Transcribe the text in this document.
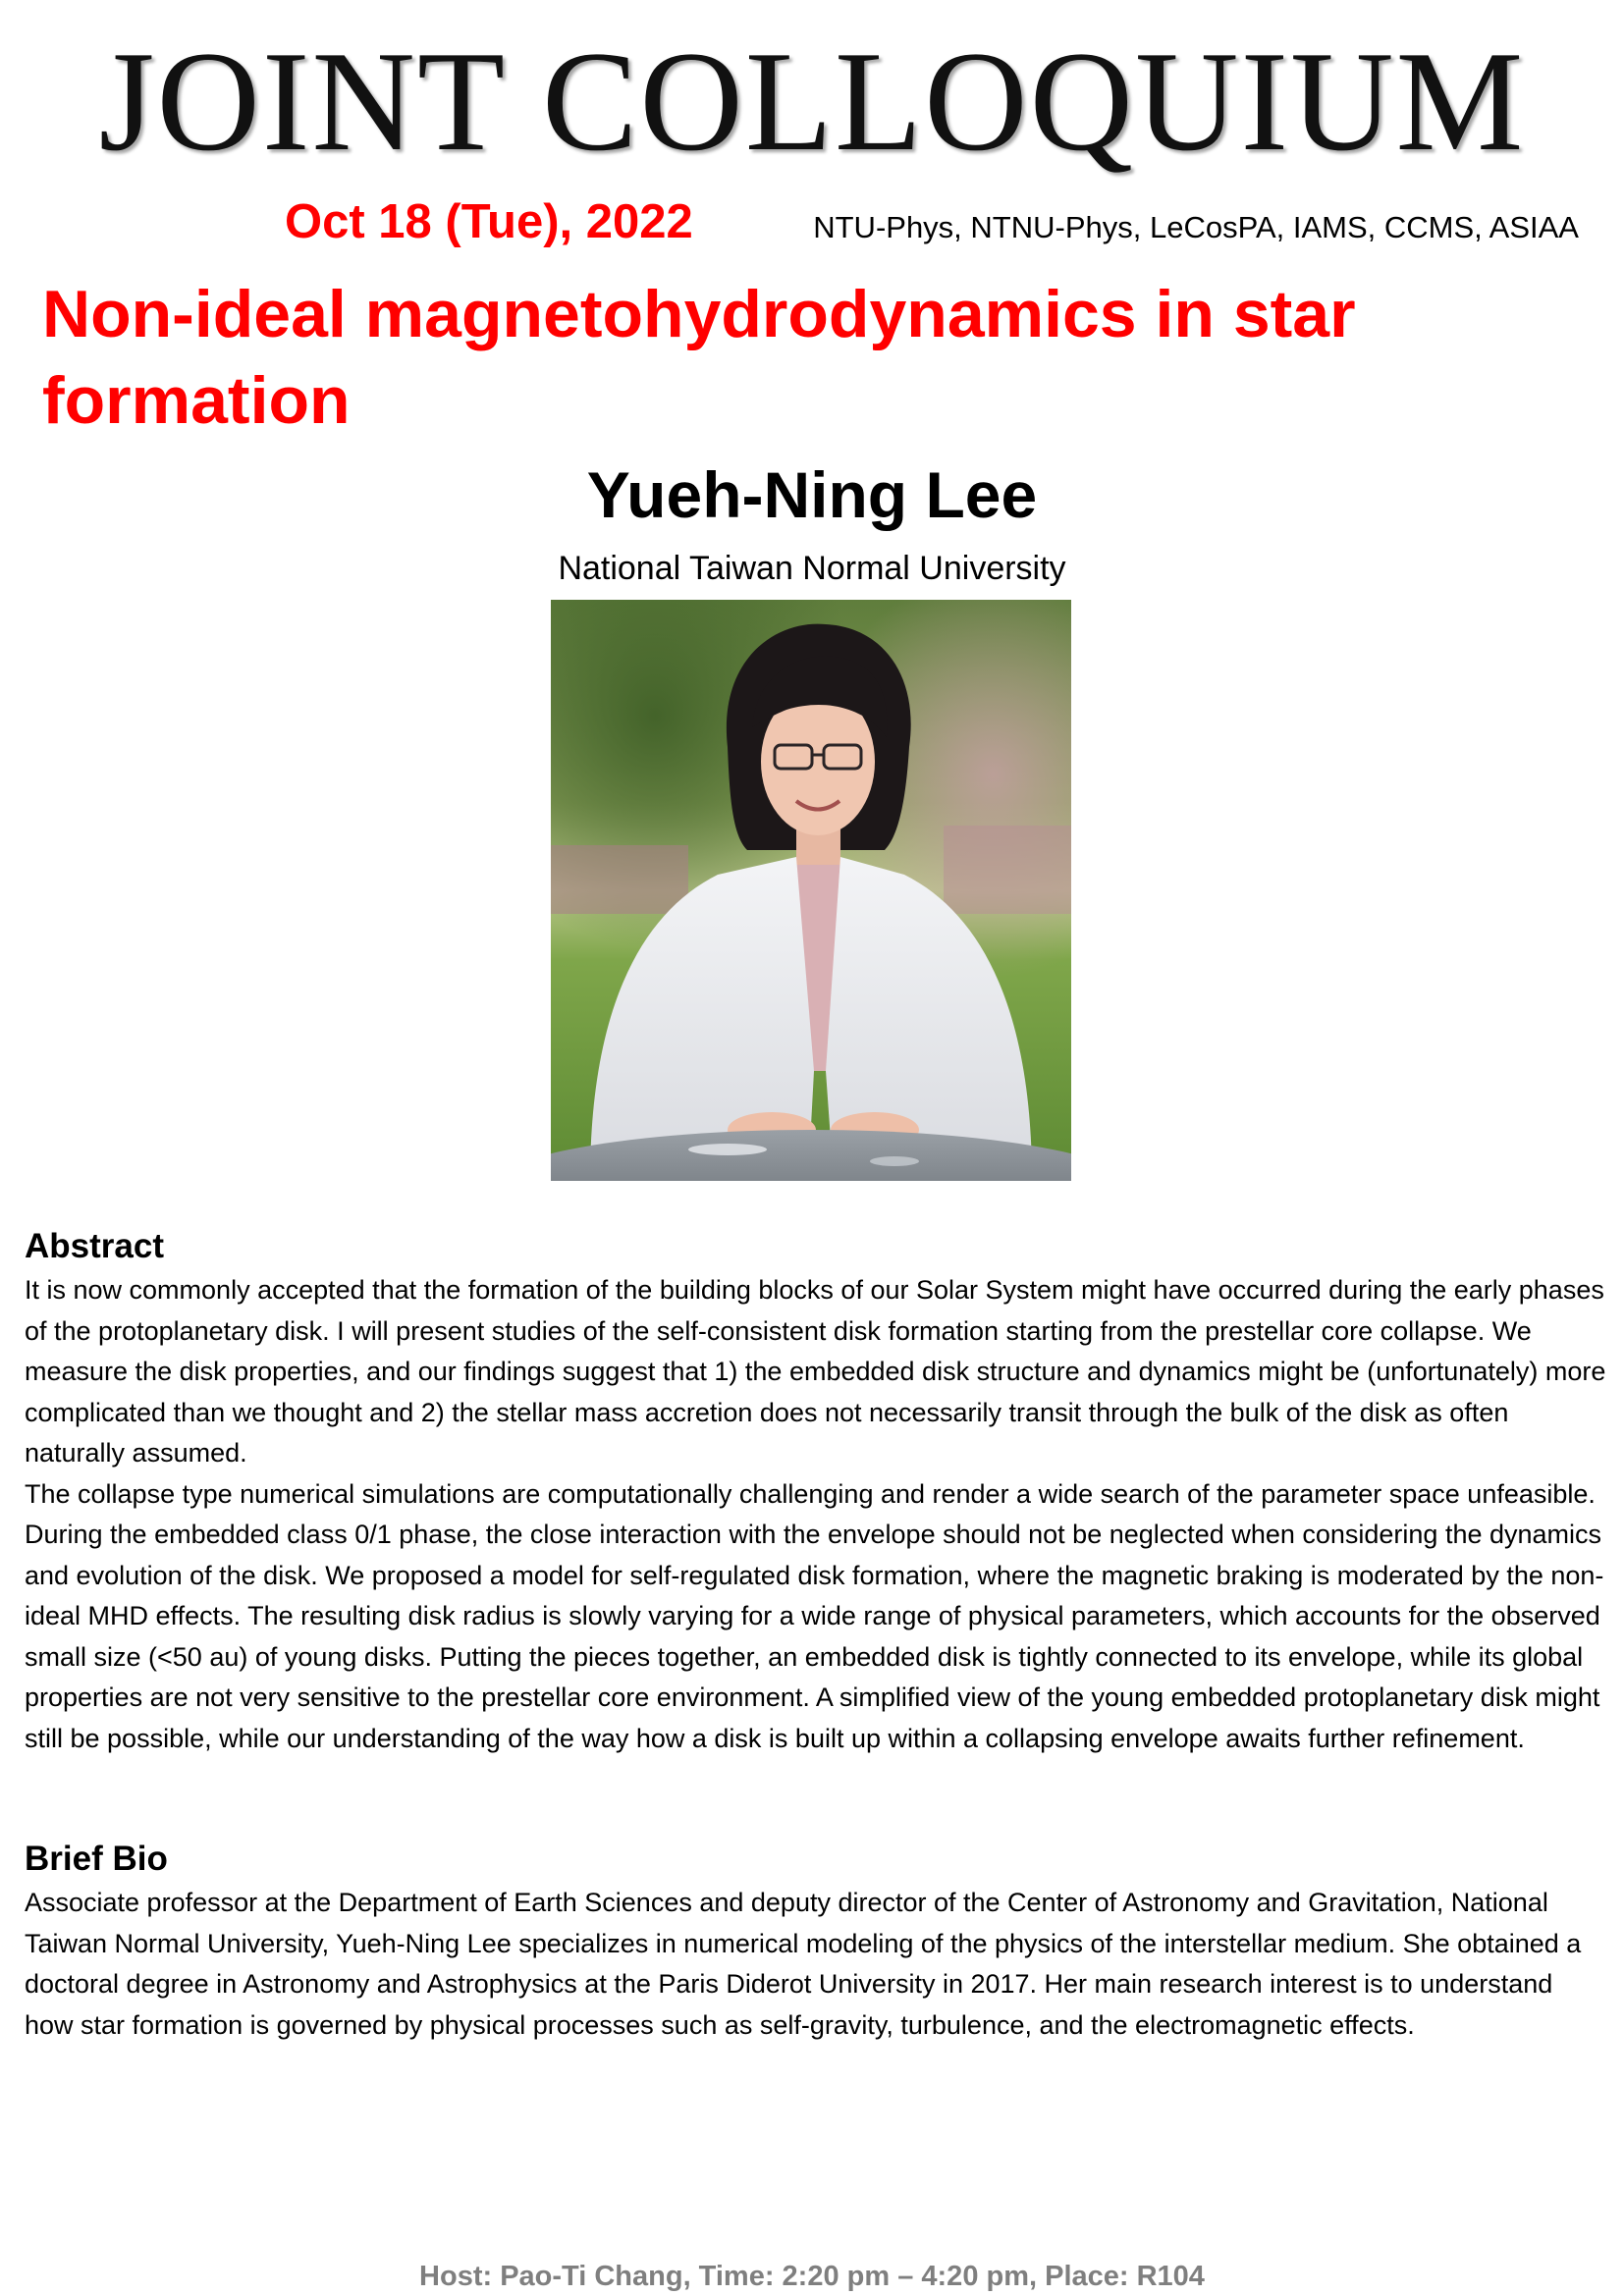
JOINT COLLOQUIUM
Oct 18 (Tue), 2022	NTU-Phys, NTNU-Phys, LeCosPA, IAMS, CCMS, ASIAA
Non-ideal magnetohydrodynamics in star formation
Yueh-Ning Lee
National Taiwan Normal University
Abstract

It is now commonly accepted that the formation of the building blocks of our Solar System might have occurred during the early phases of the protoplanetary disk. I will present studies of the self-consistent disk formation starting from the prestellar core collapse. We measure the disk properties, and our findings suggest that 1) the embedded disk structure and dynamics might be (unfortunately) more complicated than we thought and 2) the stellar mass accretion does not necessarily transit through the bulk of the disk as often naturally assumed.

The collapse type numerical simulations are computationally challenging and render a wide search of the parameter space unfeasible. During the embedded class 0/1 phase, the close interaction with the envelope should not be neglected when considering the dynamics and evolution of the disk. We proposed a model for self-regulated disk formation, where the magnetic braking is moderated by the non-ideal MHD effects. The resulting disk radius is slowly varying for a wide range of physical parameters, which accounts for the observed small size (<50 au) of young disks. Putting the pieces together, an embedded disk is tightly connected to its envelope, while its global properties are not very sensitive to the prestellar core environment. A simplified view of the young embedded protoplanetary disk might still be possible, while our understanding of the way how a disk is built up within a collapsing envelope awaits further refinement.

Brief Bio

Associate professor at the Department of Earth Sciences and deputy director of the Center of Astronomy and Gravitation, National Taiwan Normal University, Yueh-Ning Lee specializes in numerical modeling of the physics of the interstellar medium. She obtained a doctoral degree in Astronomy and Astrophysics at the Paris Diderot University in 2017. Her main research interest is to understand how star formation is governed by physical processes such as self-gravity, turbulence, and the electromagnetic effects.

Host: Pao-Ti Chang, Time: 2:20 pm – 4:20 pm, Place: R104
